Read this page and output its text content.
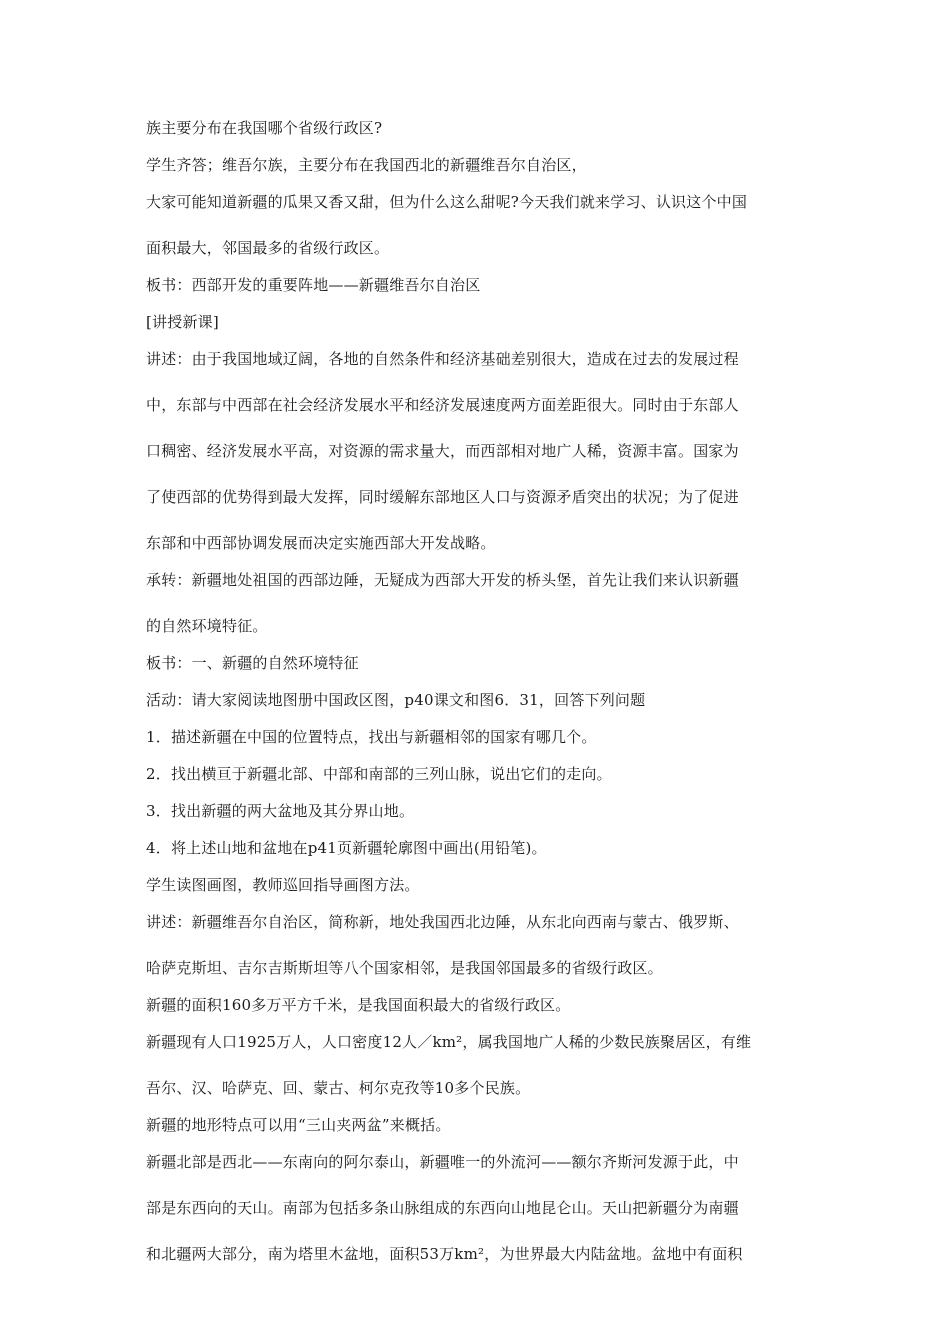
族主要分布在我国哪个省级行政区?

学生齐答；维吾尔族，主要分布在我国西北的新疆维吾尔自治区，

大家可能知道新疆的瓜果又香又甜，但为什么这么甜呢?今天我们就来学习、认识这个中国

面积最大，邻国最多的省级行政区。

板书：西部开发的重要阵地——新疆维吾尔自治区

[讲授新课]

讲述：由于我国地域辽阔，各地的自然条件和经济基础差别很大，造成在过去的发展过程

中，东部与中西部在社会经济发展水平和经济发展速度两方面差距很大。同时由于东部人

口稠密、经济发展水平高，对资源的需求量大，而西部相对地广人稀，资源丰富。国家为

了使西部的优势得到最大发挥，同时缓解东部地区人口与资源矛盾突出的状况；为了促进

东部和中西部协调发展而决定实施西部大开发战略。

承转：新疆地处祖国的西部边陲，无疑成为西部大开发的桥头堡，首先让我们来认识新疆

的自然环境特征。

板书：一、新疆的自然环境特征

活动：请大家阅读地图册中国政区图，p40课文和图6．31，回答下列问题

1．描述新疆在中国的位置特点，找出与新疆相邻的国家有哪几个。

2．找出横亘于新疆北部、中部和南部的三列山脉，说出它们的走向。

3．找出新疆的两大盆地及其分界山地。

4．将上述山地和盆地在p41页新疆轮廓图中画出(用铅笔)。

学生读图画图，教师巡回指导画图方法。

讲述：新疆维吾尔自治区，简称新，地处我国西北边陲，从东北向西南与蒙古、俄罗斯、

哈萨克斯坦、吉尔吉斯斯坦等八个国家相邻，是我国邻国最多的省级行政区。

新疆的面积160多万平方千米，是我国面积最大的省级行政区。

新疆现有人口1925万人，人口密度12人／km²，属我国地广人稀的少数民族聚居区，有维

吾尔、汉、哈萨克、回、蒙古、柯尔克孜等10多个民族。

新疆的地形特点可以用“三山夹两盆”来概括。

新疆北部是西北——东南向的阿尔泰山，新疆唯一的外流河——额尔齐斯河发源于此，中

部是东西向的天山。南部为包括多条山脉组成的东西向山地昆仑山。天山把新疆分为南疆

和北疆两大部分，南为塔里木盆地，面积53万km²，为世界最大内陆盆地。盆地中有面积
